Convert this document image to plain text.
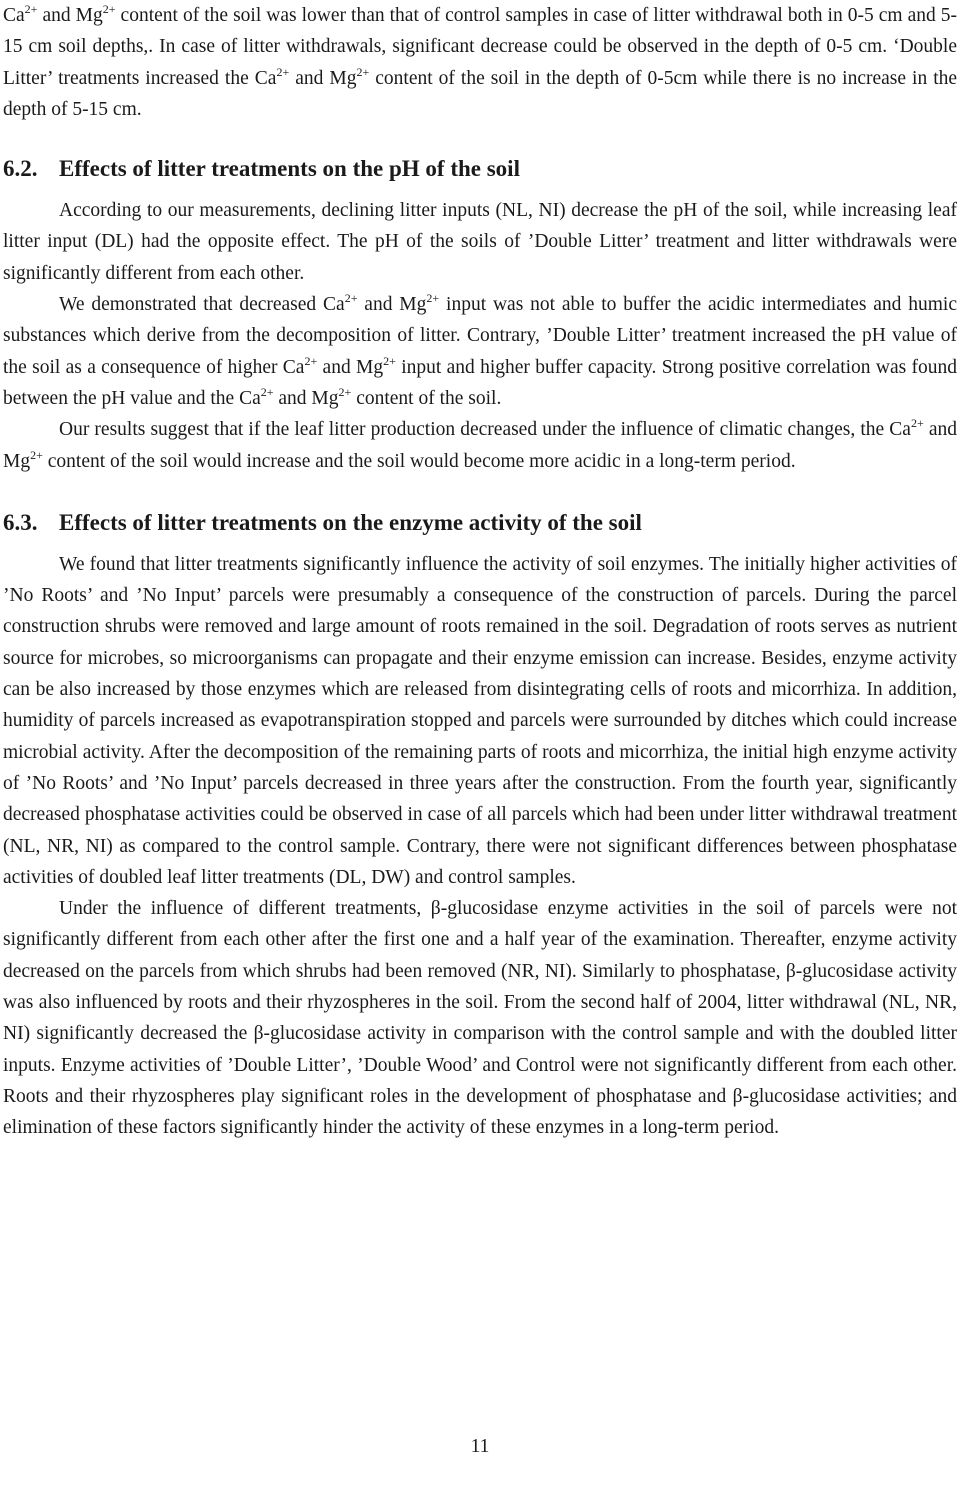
$Ca^{2+}$ and $Mg^{2+}$ content of the soil was lower than that of control samples in case of litter withdrawal both in 0-5 cm and 5-15 cm soil depths,. In case of litter withdrawals, significant decrease could be observed in the depth of 0-5 cm. ‘Double Litter’ treatments increased the $Ca^{2+}$ and $Mg^{2+}$ content of the soil in the depth of 0-5cm while there is no increase in the depth of 5-15 cm.

6.2. Effects of litter treatments on the pH of the soil

According to our measurements, declining litter inputs (NL, NI) decrease the pH of the soil, while increasing leaf litter input (DL) had the opposite effect. The pH of the soils of ’Double Litter’ treatment and litter withdrawals were significantly different from each other.

We demonstrated that decreased $Ca^{2+}$ and $Mg^{2+}$ input was not able to buffer the acidic intermediates and humic substances which derive from the decomposition of litter. Contrary, ’Double Litter’ treatment increased the pH value of the soil as a consequence of higher $Ca^{2+}$ and $Mg^{2+}$ input and higher buffer capacity. Strong positive correlation was found between the pH value and the $Ca^{2+}$ and $Mg^{2+}$ content of the soil.

Our results suggest that if the leaf litter production decreased under the influence of climatic changes, the $Ca^{2+}$ and $Mg^{2+}$ content of the soil would increase and the soil would become more acidic in a long-term period.

6.3. Effects of litter treatments on the enzyme activity of the soil

We found that litter treatments significantly influence the activity of soil enzymes. The initially higher activities of ’No Roots’ and ’No Input’ parcels were presumably a consequence of the construction of parcels. During the parcel construction shrubs were removed and large amount of roots remained in the soil. Degradation of roots serves as nutrient source for microbes, so microorganisms can propagate and their enzyme emission can increase. Besides, enzyme activity can be also increased by those enzymes which are released from disintegrating cells of roots and micorrhiza. In addition, humidity of parcels increased as evapotranspiration stopped and parcels were surrounded by ditches which could increase microbial activity. After the decomposition of the remaining parts of roots and micorrhiza, the initial high enzyme activity of ’No Roots’ and ’No Input’ parcels decreased in three years after the construction. From the fourth year, significantly decreased phosphatase activities could be observed in case of all parcels which had been under litter withdrawal treatment (NL, NR, NI) as compared to the control sample. Contrary, there were not significant differences between phosphatase activities of doubled leaf litter treatments (DL, DW) and control samples.

Under the influence of different treatments, β-glucosidase enzyme activities in the soil of parcels were not significantly different from each other after the first one and a half year of the examination. Thereafter, enzyme activity decreased on the parcels from which shrubs had been removed (NR, NI). Similarly to phosphatase, β-glucosidase activity was also influenced by roots and their rhyzospheres in the soil. From the second half of 2004, litter withdrawal (NL, NR, NI) significantly decreased the β-glucosidase activity in comparison with the control sample and with the doubled litter inputs. Enzyme activities of ’Double Litter’, ’Double Wood’ and Control were not significantly different from each other. Roots and their rhyzospheres play significant roles in the development of phosphatase and β-glucosidase activities; and elimination of these factors significantly hinder the activity of these enzymes in a long-term period.

11
